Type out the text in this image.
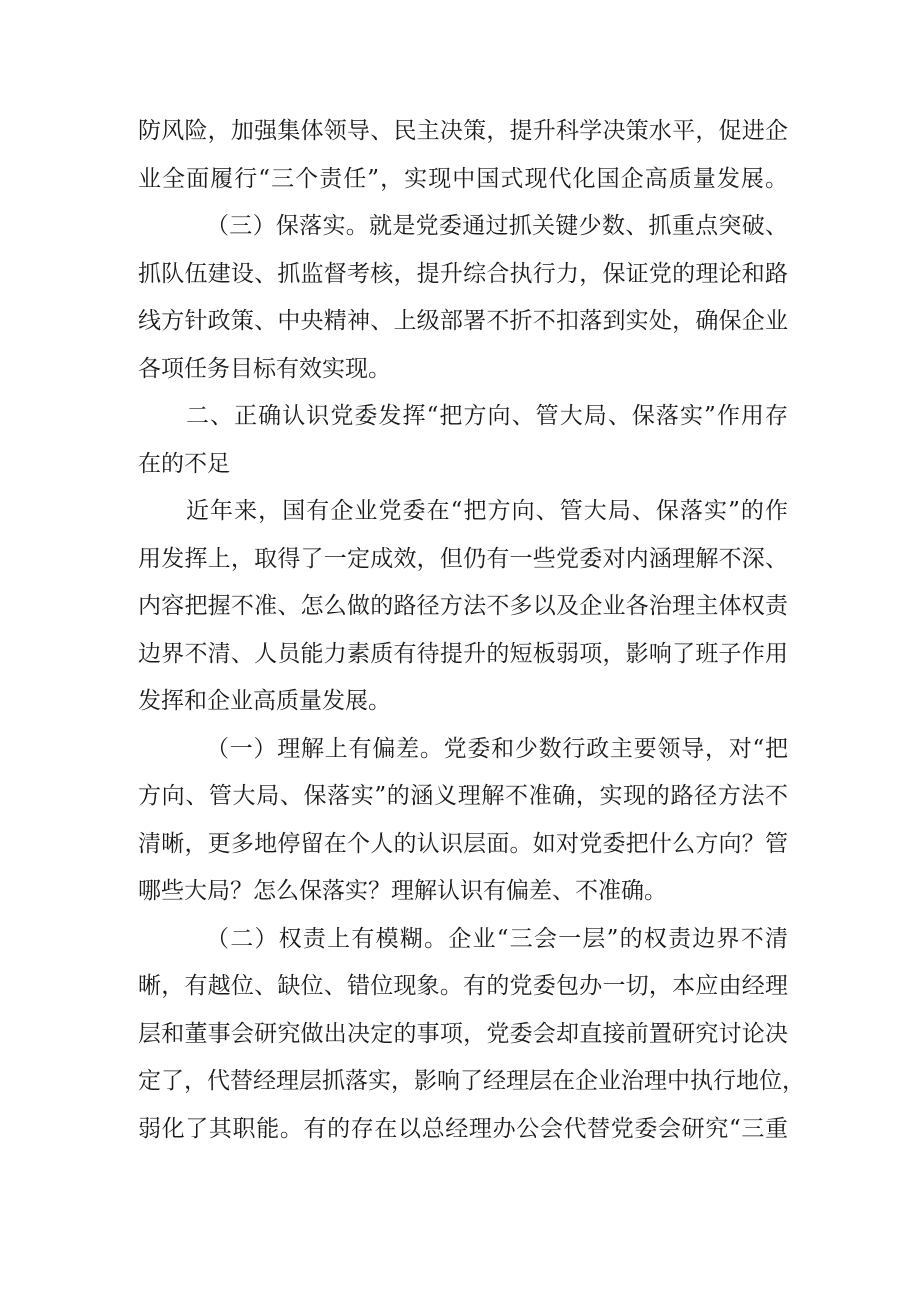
防风险，加强集体领导、民主决策，提升科学决策水平，促进企
业全面履行“三个责任”，实现中国式现代化国企高质量发展。
（三）保落实。就是党委通过抓关键少数、抓重点突破、
抓队伍建设、抓监督考核，提升综合执行力，保证党的理论和路
线方针政策、中央精神、上级部署不折不扣落到实处，确保企业
各项任务目标有效实现。
二、正确认识党委发挥“把方向、管大局、保落实”作用存
在的不足
近年来，国有企业党委在“把方向、管大局、保落实”的作
用发挥上，取得了一定成效，但仍有一些党委对内涵理解不深、
内容把握不准、怎么做的路径方法不多以及企业各治理主体权责
边界不清、人员能力素质有待提升的短板弱项，影响了班子作用
发挥和企业高质量发展。
（一）理解上有偏差。党委和少数行政主要领导，对“把
方向、管大局、保落实”的涵义理解不准确，实现的路径方法不
清晰，更多地停留在个人的认识层面。如对党委把什么方向？管
哪些大局？怎么保落实？理解认识有偏差、不准确。
（二）权责上有模糊。企业“三会一层”的权责边界不清
晰，有越位、缺位、错位现象。有的党委包办一切，本应由经理
层和董事会研究做出决定的事项，党委会却直接前置研究讨论决
定了，代替经理层抓落实，影响了经理层在企业治理中执行地位，
弱化了其职能。有的存在以总经理办公会代替党委会研究“三重
